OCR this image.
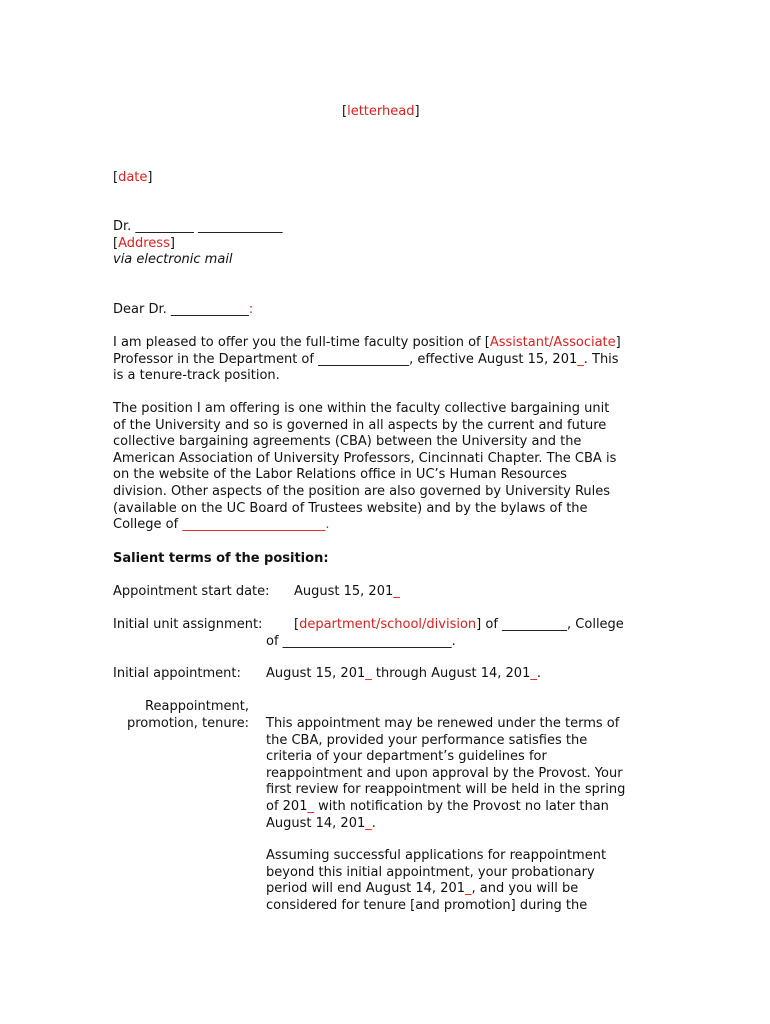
[letterhead]
[date]
Dr. _________ _____________
[Address]
via electronic mail
Dear Dr. ____________:
I am pleased to offer you the full-time faculty position of [Assistant/Associate]
Professor in the Department of ______________, effective August 15, 201_. This
is a tenure-track position.
The position I am offering is one within the faculty collective bargaining unit
of the University and so is governed in all aspects by the current and future
collective bargaining agreements (CBA) between the University and the
American Association of University Professors, Cincinnati Chapter. The CBA is
on the website of the Labor Relations office in UC’s Human Resources
division. Other aspects of the position are also governed by University Rules
(available on the UC Board of Trustees website) and by the bylaws of the
College of ______________________.
Salient terms of the position:
Appointment start date: August 15, 201_
Initial unit assignment: [department/school/division] of __________, College
of __________________________.
Initial appointment: August 15, 201_ through August 14, 201_.
Reappointment,
promotion, tenure: This appointment may be renewed under the terms of
the CBA, provided your performance satisfies the
criteria of your department’s guidelines for
reappointment and upon approval by the Provost. Your
first review for reappointment will be held in the spring
of 201_ with notification by the Provost no later than
August 14, 201_.
Assuming successful applications for reappointment
beyond this initial appointment, your probationary
period will end August 14, 201_, and you will be
considered for tenure [and promotion] during the
